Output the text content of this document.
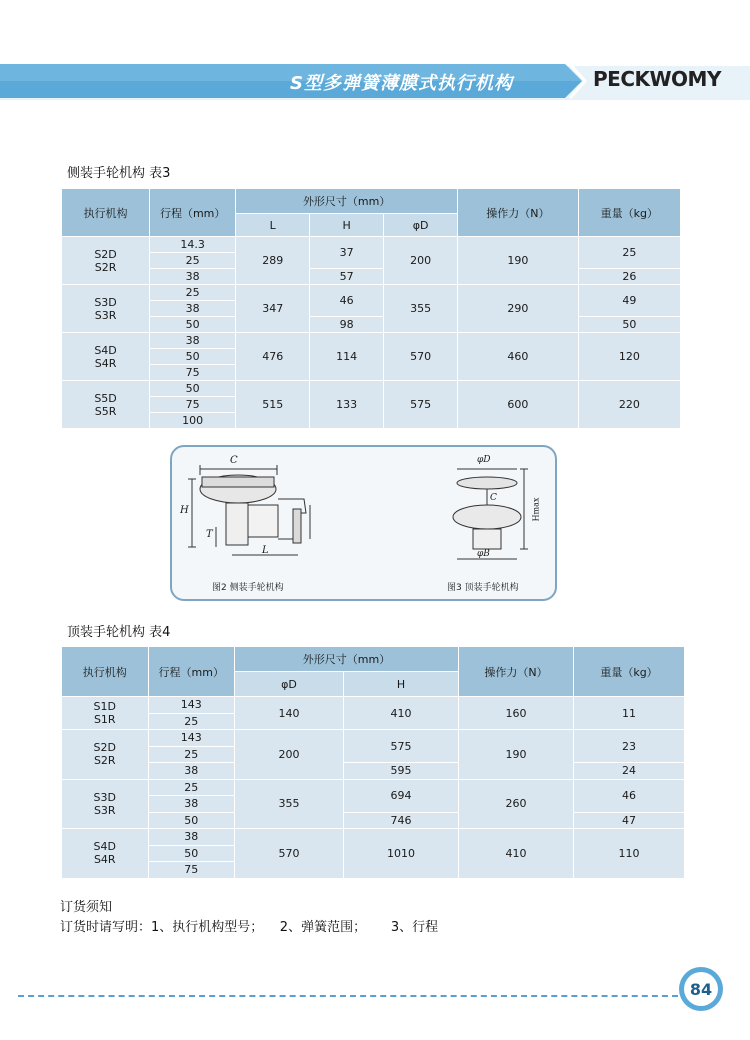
S型多弹簧薄膜式执行机构	PECKWOMY
侧装手轮机构 表3
执行机构	行程（mm）	外形尺寸（mm）			操作力（N）	重量（kg）
		L	H	φD		
S2D
S2R	14.3	289	37	200	190	25
	25					
	38		57			26
S3D
S3R	25	347	46	355	290	49
	38					
	50		98			50
S4D
S4R	38	476	114	570	460	120
	50					
	75					
S5D
S5R	50	515	133	575	600	220
	75					
	100					
C
H
T
L
φD
C
φB
Hmax
图2 侧装手轮机构	图3 顶装手轮机构
顶装手轮机构 表4
执行机构	行程（mm）	外形尺寸（mm）		操作力（N）	重量（kg）
		φD	H		
S1D
S1R	143	140	410	160	11
	25				
S2D
S2R	143	200	575	190	23
	25				
	38		595		24
S3D
S3R	25	355	694	260	46
	38				
	50		746		47
S4D
S4R	38	570	1010	410	110
	50				
	75				
订货须知
订货时请写明：1、执行机构型号；    2、弹簧范围；      3、行程
84
